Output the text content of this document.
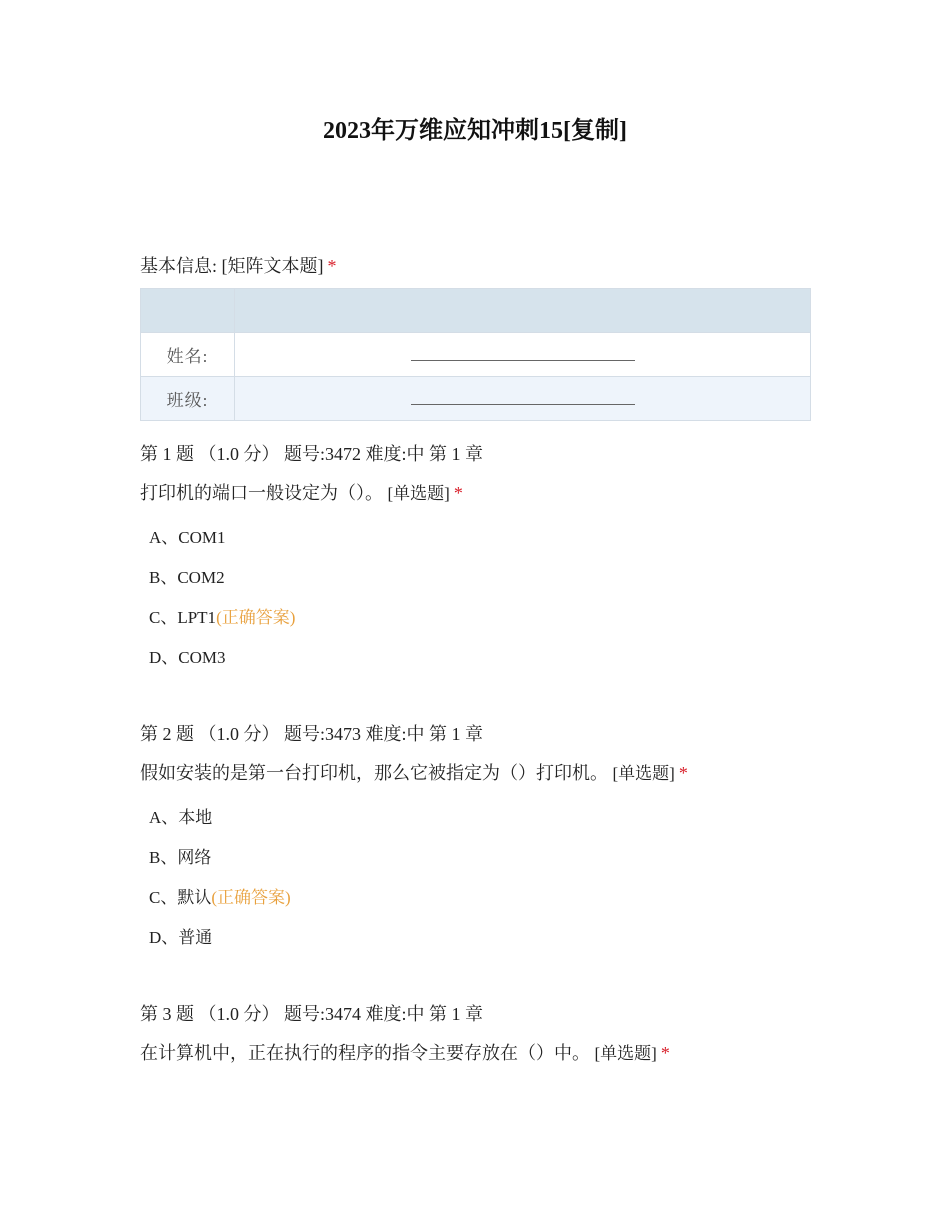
2023年万维应知冲刺15[复制]
基本信息: [矩阵文本题] *

姓名:	
班级:	
第 1 题 （1.0 分） 题号:3472 难度:中 第 1 章
打印机的端口一般设定为（）。 [单选题] *
A、COM1
B、COM2
C、LPT1(正确答案)
D、COM3
第 2 题 （1.0 分） 题号:3473 难度:中 第 1 章
假如安装的是第一台打印机，那么它被指定为（）打印机。 [单选题] *
A、本地
B、网络
C、默认(正确答案)
D、普通
第 3 题 （1.0 分） 题号:3474 难度:中 第 1 章
在计算机中，正在执行的程序的指令主要存放在（）中。 [单选题] *
